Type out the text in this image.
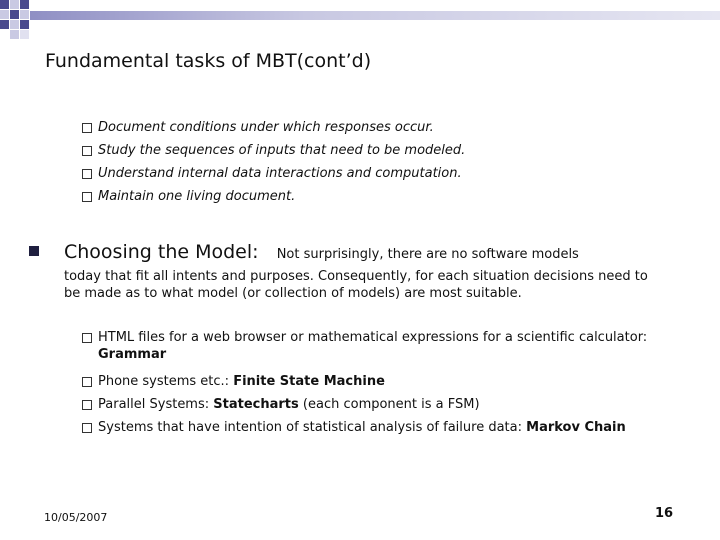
Fundamental tasks of MBT(cont’d)
Document conditions under which responses occur.
Study the sequences of inputs that need to be modeled.
Understand internal data interactions and computation.
Maintain one living document.
Choosing the Model: Not surprisingly, there are no software models
today that fit all intents and purposes. Consequently, for each situation decisions need to be made as to what model (or collection of models) are most suitable.
HTML files for a web browser or mathematical expressions for a scientific calculator: Grammar
Phone systems etc.: Finite State Machine
Parallel Systems: Statecharts (each component is a FSM)
Systems that have intention of statistical analysis of failure data: Markov Chain
10/05/2007	16
